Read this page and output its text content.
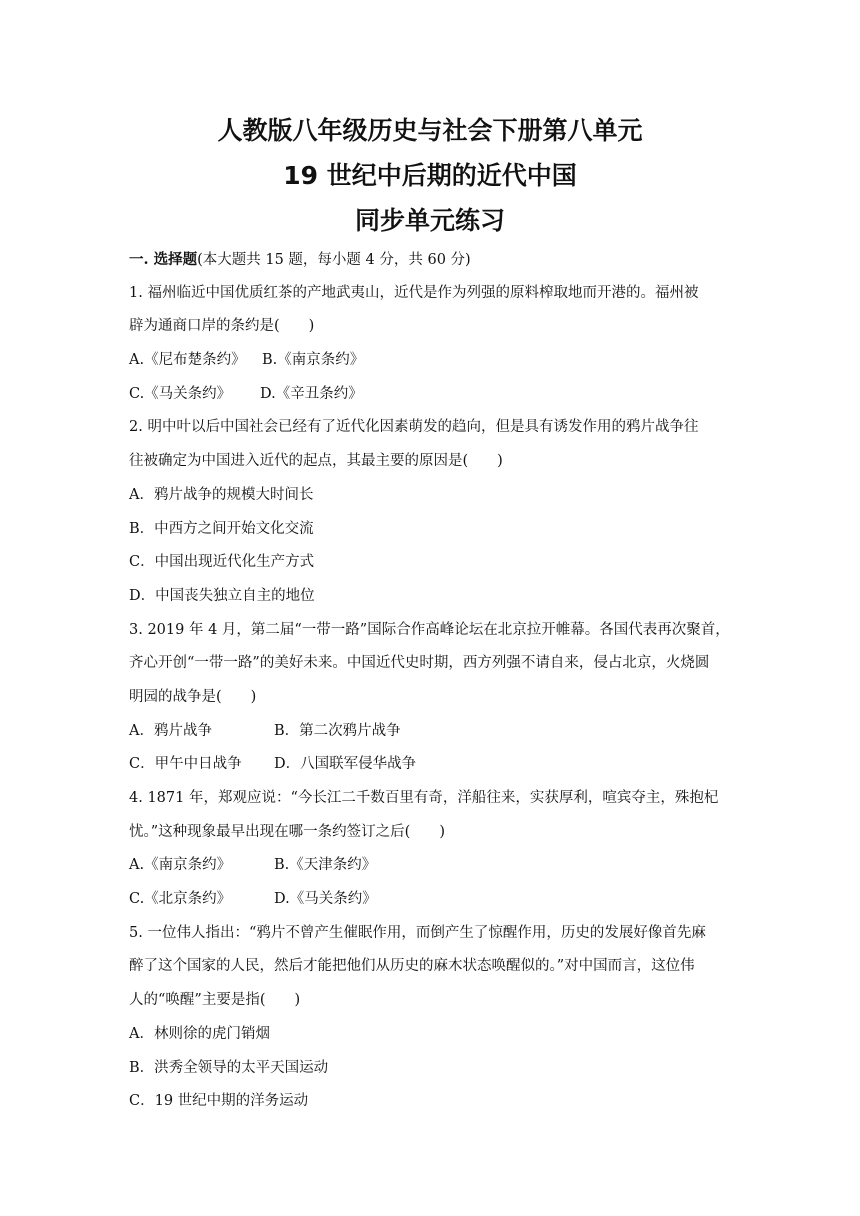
人教版八年级历史与社会下册第八单元
19 世纪中后期的近代中国
同步单元练习
一. 选择题(本大题共 15 题，每小题 4 分，共 60 分)
1. 福州临近中国优质红茶的产地武夷山，近代是作为列强的原料榨取地而开港的。福州被
辟为通商口岸的条约是(　　)
A.《尼布楚条约》	B.《南京条约》
C.《马关条约》	D.《辛丑条约》
2. 明中叶以后中国社会已经有了近代化因素萌发的趋向，但是具有诱发作用的鸦片战争往
往被确定为中国进入近代的起点，其最主要的原因是(　　)
A．鸦片战争的规模大时间长
B．中西方之间开始文化交流
C．中国出现近代化生产方式
D．中国丧失独立自主的地位
3. 2019 年 4 月，第二届“一带一路”国际合作高峰论坛在北京拉开帷幕。各国代表再次聚首，
齐心开创“一带一路”的美好未来。中国近代史时期，西方列强不请自来，侵占北京，火烧圆
明园的战争是(　　)
A．鸦片战争	B．第二次鸦片战争
C．甲午中日战争	D．八国联军侵华战争
4. 1871 年，郑观应说：“今长江二千数百里有奇，洋船往来，实获厚利，喧宾夺主，殊抱杞
忧。”这种现象最早出现在哪一条约签订之后(　　)
A.《南京条约》	B.《天津条约》
C.《北京条约》	D.《马关条约》
5. 一位伟人指出：“鸦片不曾产生催眠作用，而倒产生了惊醒作用，历史的发展好像首先麻
醉了这个国家的人民，然后才能把他们从历史的麻木状态唤醒似的。”对中国而言，这位伟
人的“唤醒”主要是指(　　)
A．林则徐的虎门销烟
B．洪秀全领导的太平天国运动
C．19 世纪中期的洋务运动
